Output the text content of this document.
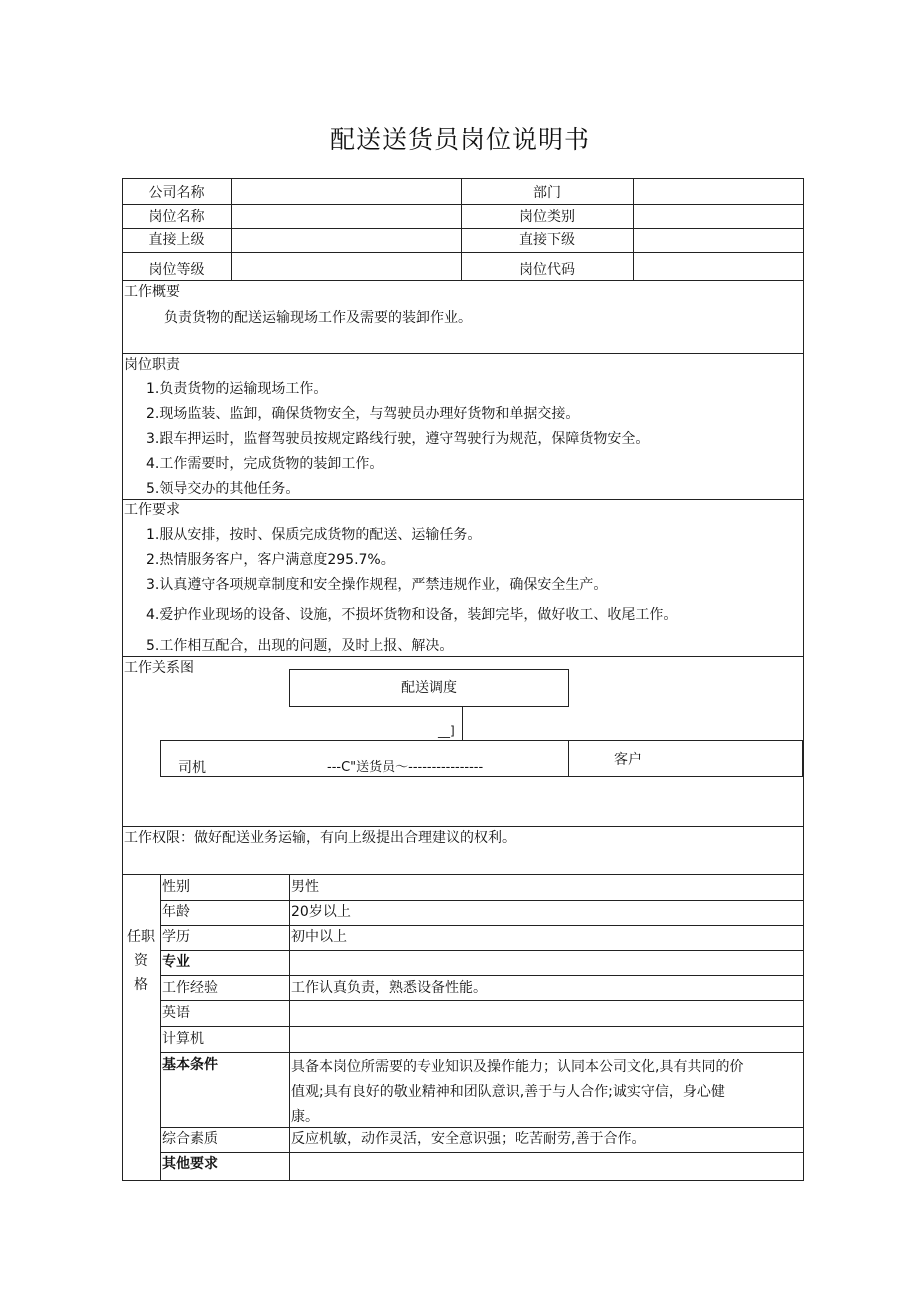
配送送货员岗位说明书
公司名称	部门
岗位名称	岗位类别
直接上级	直接下级
岗位等级	岗位代码
工作概要
负责货物的配送运输现场工作及需要的装卸作业。
岗位职责
1.负责货物的运输现场工作。
2.现场监装、监卸，确保货物安全，与驾驶员办理好货物和单据交接。
3.跟车押运时，监督驾驶员按规定路线行驶，遵守驾驶行为规范，保障货物安全。
4.工作需要时，完成货物的装卸工作。
5.领导交办的其他任务。
工作要求
1.服从安排，按时、保质完成货物的配送、运输任务。
2.热情服务客户，客户满意度295.7%。
3.认真遵守各项规章制度和安全操作规程，严禁违规作业，确保安全生产。
4.爱护作业现场的设备、设施，不损坏货物和设备，装卸完毕，做好收工、收尾工作。
5.工作相互配合，出现的问题，及时上报、解决。
工作关系图
配送调度
__]
司机	---C"送货员～----------------	客户
工作权限：做好配送业务运输，有向上级提出合理建议的权利。
任职
资
格
性别	男性
年龄	20岁以上
学历	初中以上
专业
工作经验	工作认真负责，熟悉设备性能。
英语
计算机
基本条件	具备本岗位所需要的专业知识及操作能力；认同本公司文化,具有共同的价
值观;具有良好的敬业精神和团队意识,善于与人合作;诚实守信，身心健
康。
综合素质	反应机敏，动作灵活，安全意识强；吃苦耐劳,善于合作。
其他要求
